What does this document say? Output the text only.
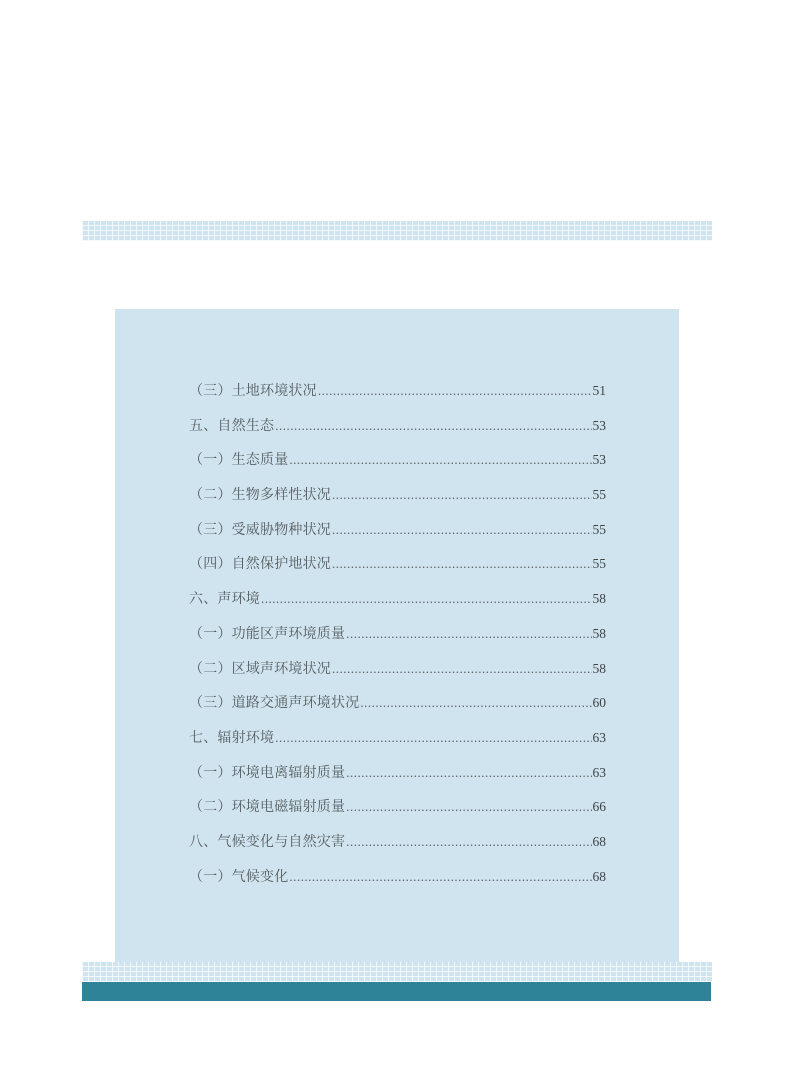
（三）土地环境状况 .....	51
五、自然生态 .....	53
（一）生态质量 .....	53
（二）生物多样性状况 .....	55
（三）受威胁物种状况 .....	55
（四）自然保护地状况 .....	55
六、声环境 .....	58
（一）功能区声环境质量 .....	58
（二）区域声环境状况 .....	58
（三）道路交通声环境状况 .....	60
七、辐射环境 .....	63
（一）环境电离辐射质量 .....	63
（二）环境电磁辐射质量 .....	66
八、气候变化与自然灾害 .....	68
（一）气候变化 .....	68
